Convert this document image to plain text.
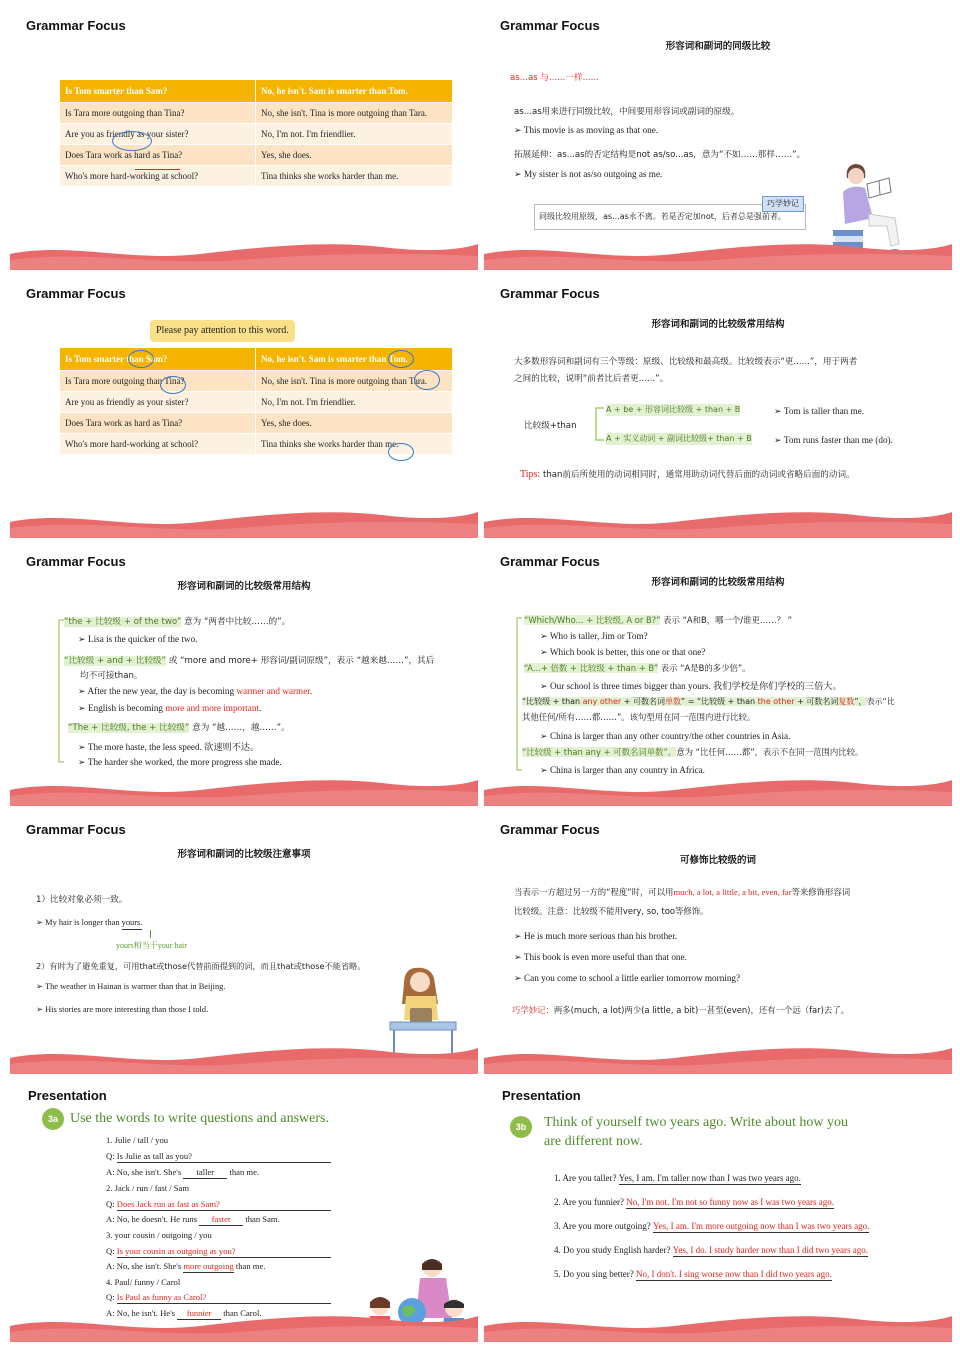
Grammar Focus
Is Tom smarter than Sam?	No, he isn't. Sam is smarter than Tom.
Is Tara more outgoing than Tina?	No, she isn't. Tina is more outgoing than Tara.
Are you as friendly as your sister?	No, I'm not. I'm friendlier.
Does Tara work as hard as Tina?	Yes, she does.
Who's more hard-working at school?	Tina thinks she works harder than me.
Grammar Focus
形容词和副词的同级比较
as...as 与......一样......
as...as用来进行同级比较，中间要用形容词或副词的原级。
➢ This movie is as moving as that one.
拓展延伸：as...as的否定结构是not as/so...as，意为“不如……那样……”。
➢ My sister is not as/so outgoing as me.
同级比较用原级，as...as永不离。若是否定加not，后者总是强前者。
巧学妙记
Grammar Focus
Please pay attention to this word.
Is Tom smarter than Sam?	No, he isn't. Sam is smarter than Tom.
Is Tara more outgoing than Tina?	No, she isn't. Tina is more outgoing than Tara.
Are you as friendly as your sister?	No, I'm not. I'm friendlier.
Does Tara work as hard as Tina?	Yes, she does.
Who's more hard-working at school?	Tina thinks she works harder than me.
Grammar Focus
形容词和副词的比较级常用结构
大多数形容词和副词有三个等级：原级、比较级和最高级。比较级表示“更......”，用于两者
之间的比较，说明“前者比后者更......”。
比较级+than
A + be + 形容词比较级 + than + B
A + 实义动词 + 副词比较级+ than + B
➢ Tom is taller than me.
➢ Tom runs faster than me (do).
Tips: than前后所使用的动词相同时，通常用助动词代替后面的动词或省略后面的动词。
Grammar Focus
形容词和副词的比较级常用结构
“the + 比较级 + of the two” 意为 “两者中比较……的”。
➢ Lisa is the quicker of the two.
“比较级 + and + 比较级” 或 “more and more+ 形容词/副词原级”，表示 “越来越……”，其后
均不可接than。
➢ After the new year, the day is becoming warmer and warmer.
➢ English is becoming more and more important.
“The + 比较级, the + 比较级” 意为 “越……，越……”。
➢ The more haste, the less speed. 欲速则不达。
➢ The harder she worked, the more progress she made.
Grammar Focus
形容词和副词的比较级常用结构
“Which/Who... + 比较级, A or B?” 表示 “A和B，哪一个/谁更……？ ”
➢ Who is taller, Jim or Tom?
➢ Which book is better, this one or that one?
“A...+ 倍数 + 比较级 + than + B” 表示 “A是B的多少倍”。
➢ Our school is three times bigger than yours. 我们学校是你们学校的三倍大。
“比较级 + than any other + 可数名词单数” = “比较级 + than the other + 可数名词复数”，表示“比
其他任何/所有……都……”。该句型用在同一范围内进行比较。
➢ China is larger than any other country/the other countries in Asia.
“比较级 + than any + 可数名词单数”，意为 “比任何……都”，表示不在同一范围内比较。
➢ China is larger than any country in Africa.
Grammar Focus
形容词和副词的比较级注意事项
1）比较对象必须一致。
➢ My hair is longer than yours.
yours相当于your hair
2）有时为了避免重复，可用that或those代替前面提到的词，而且that或those不能省略。
➢ The weather in Hainan is warmer than that in Beijing.
➢ His stories are more interesting than those I told.
Grammar Focus
可修饰比较级的词
当表示一方超过另一方的“程度”时，可以用much, a lot, a little, a bit, even, far等来修饰形容词
比较级。注意：比较级不能用very, so, too等修饰。
➢ He is much more serious than his brother.
➢ This book is even more useful than that one.
➢ Can you come to school a little earlier tomorrow morning?
巧学妙记：两多(much, a lot)两少(a little, a bit)一甚至(even)，还有一个远（far)去了。
Presentation
3a Use the words to write questions and answers.
1. Julie / tall / you
Q: Is Julie as tall as you?
A: No, she isn't. She's taller than me.
2. Jack / run / fast / Sam
Q: Does Jack run as fast as Sam?
A: No, he doesn't. He runs faster than Sam.
3. your cousin / outgoing / you
Q: Is your cousin as outgoing as you?
A: No, she isn't. She's more outgoing than me.
4. Paul/ funny / Carol
Q: Is Paul as funny as Carol?
A: No, he isn't. He's funnier than Carol.
Presentation
3b	Think of yourself two years ago. Write about how you
are different now.
1. Are you taller? Yes, I am. I'm taller now than I was two years ago.
2. Are you funnier? No, I'm not. I'm not so funny now as I was two years ago.
3. Are you more outgoing? Yes, I am. I'm more outgoing now than I was two years ago.
4. Do you study English harder? Yes, I do. I study harder now than I did two years ago.
5. Do you sing better? No, I don't. I sing worse now than I did two years ago.
